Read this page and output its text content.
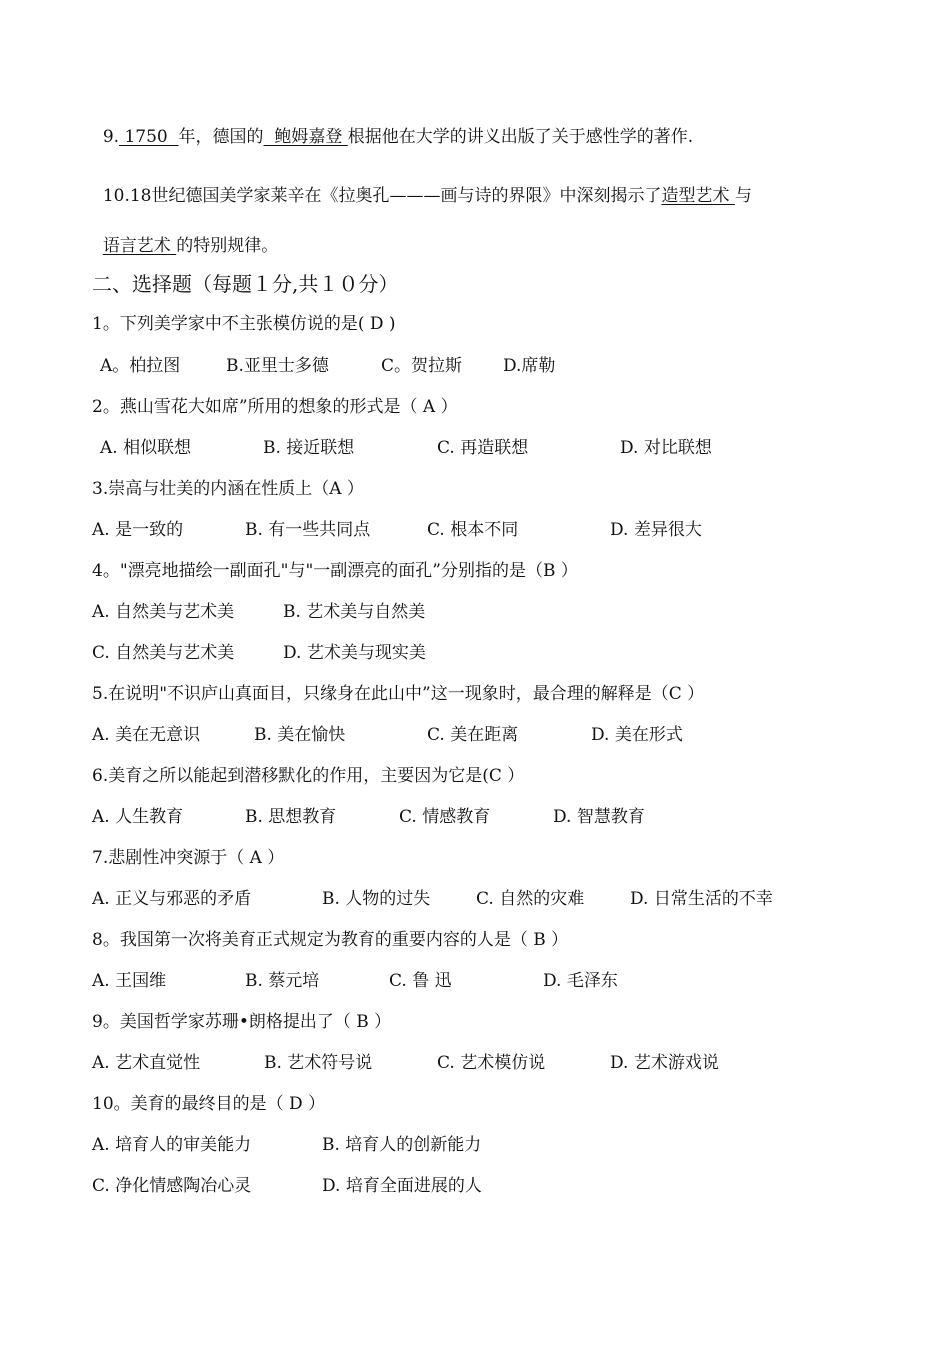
9. 1750  年，德国的  鲍姆嘉登 根据他在大学的讲义出版了关于感性学的著作.

10.18世纪德国美学家莱辛在《拉奥孔———画与诗的界限》中深刻揭示了造型艺术 与

语言艺术 的特别规律。

二、选择题（每题１分,共１０分）
1。下列美学家中不主张模仿说的是( D )
A。柏拉图	B.亚里士多德	C。贺拉斯 D.席勒
2。燕山雪花大如席”所用的想象的形式是（ A ）
A. 相似联想	B. 接近联想	C. 再造联想	D. 对比联想
3.崇高与壮美的内涵在性质上（A ）
A. 是一致的	B. 有一些共同点	C. 根本不同	D. 差异很大
4。"漂亮地描绘一副面孔"与"一副漂亮的面孔”分别指的是（B ）
A. 自然美与艺术美	B. 艺术美与自然美
C. 自然美与艺术美	D. 艺术美与现实美
5.在说明"不识庐山真面目，只缘身在此山中”这一现象时，最合理的解释是（C ）
A. 美在无意识	B. 美在愉快	C. 美在距离	D. 美在形式
6.美育之所以能起到潜移默化的作用，主要因为它是(C ）
A. 人生教育	B. 思想教育	C. 情感教育	D. 智慧教育
7.悲剧性冲突源于（ A ）
A. 正义与邪恶的矛盾	B. 人物的过失	C. 自然的灾难	D. 日常生活的不幸
8。我国第一次将美育正式规定为教育的重要内容的人是（ B ）
A. 王国维	B. 蔡元培	C. 鲁 迅	D. 毛泽东
9。美国哲学家苏珊•朗格提出了（ B ）
A. 艺术直觉性	B. 艺术符号说	C. 艺术模仿说	D. 艺术游戏说
10。美育的最终目的是（ D ）
A. 培育人的审美能力	B. 培育人的创新能力
C. 净化情感陶冶心灵	D. 培育全面进展的人
